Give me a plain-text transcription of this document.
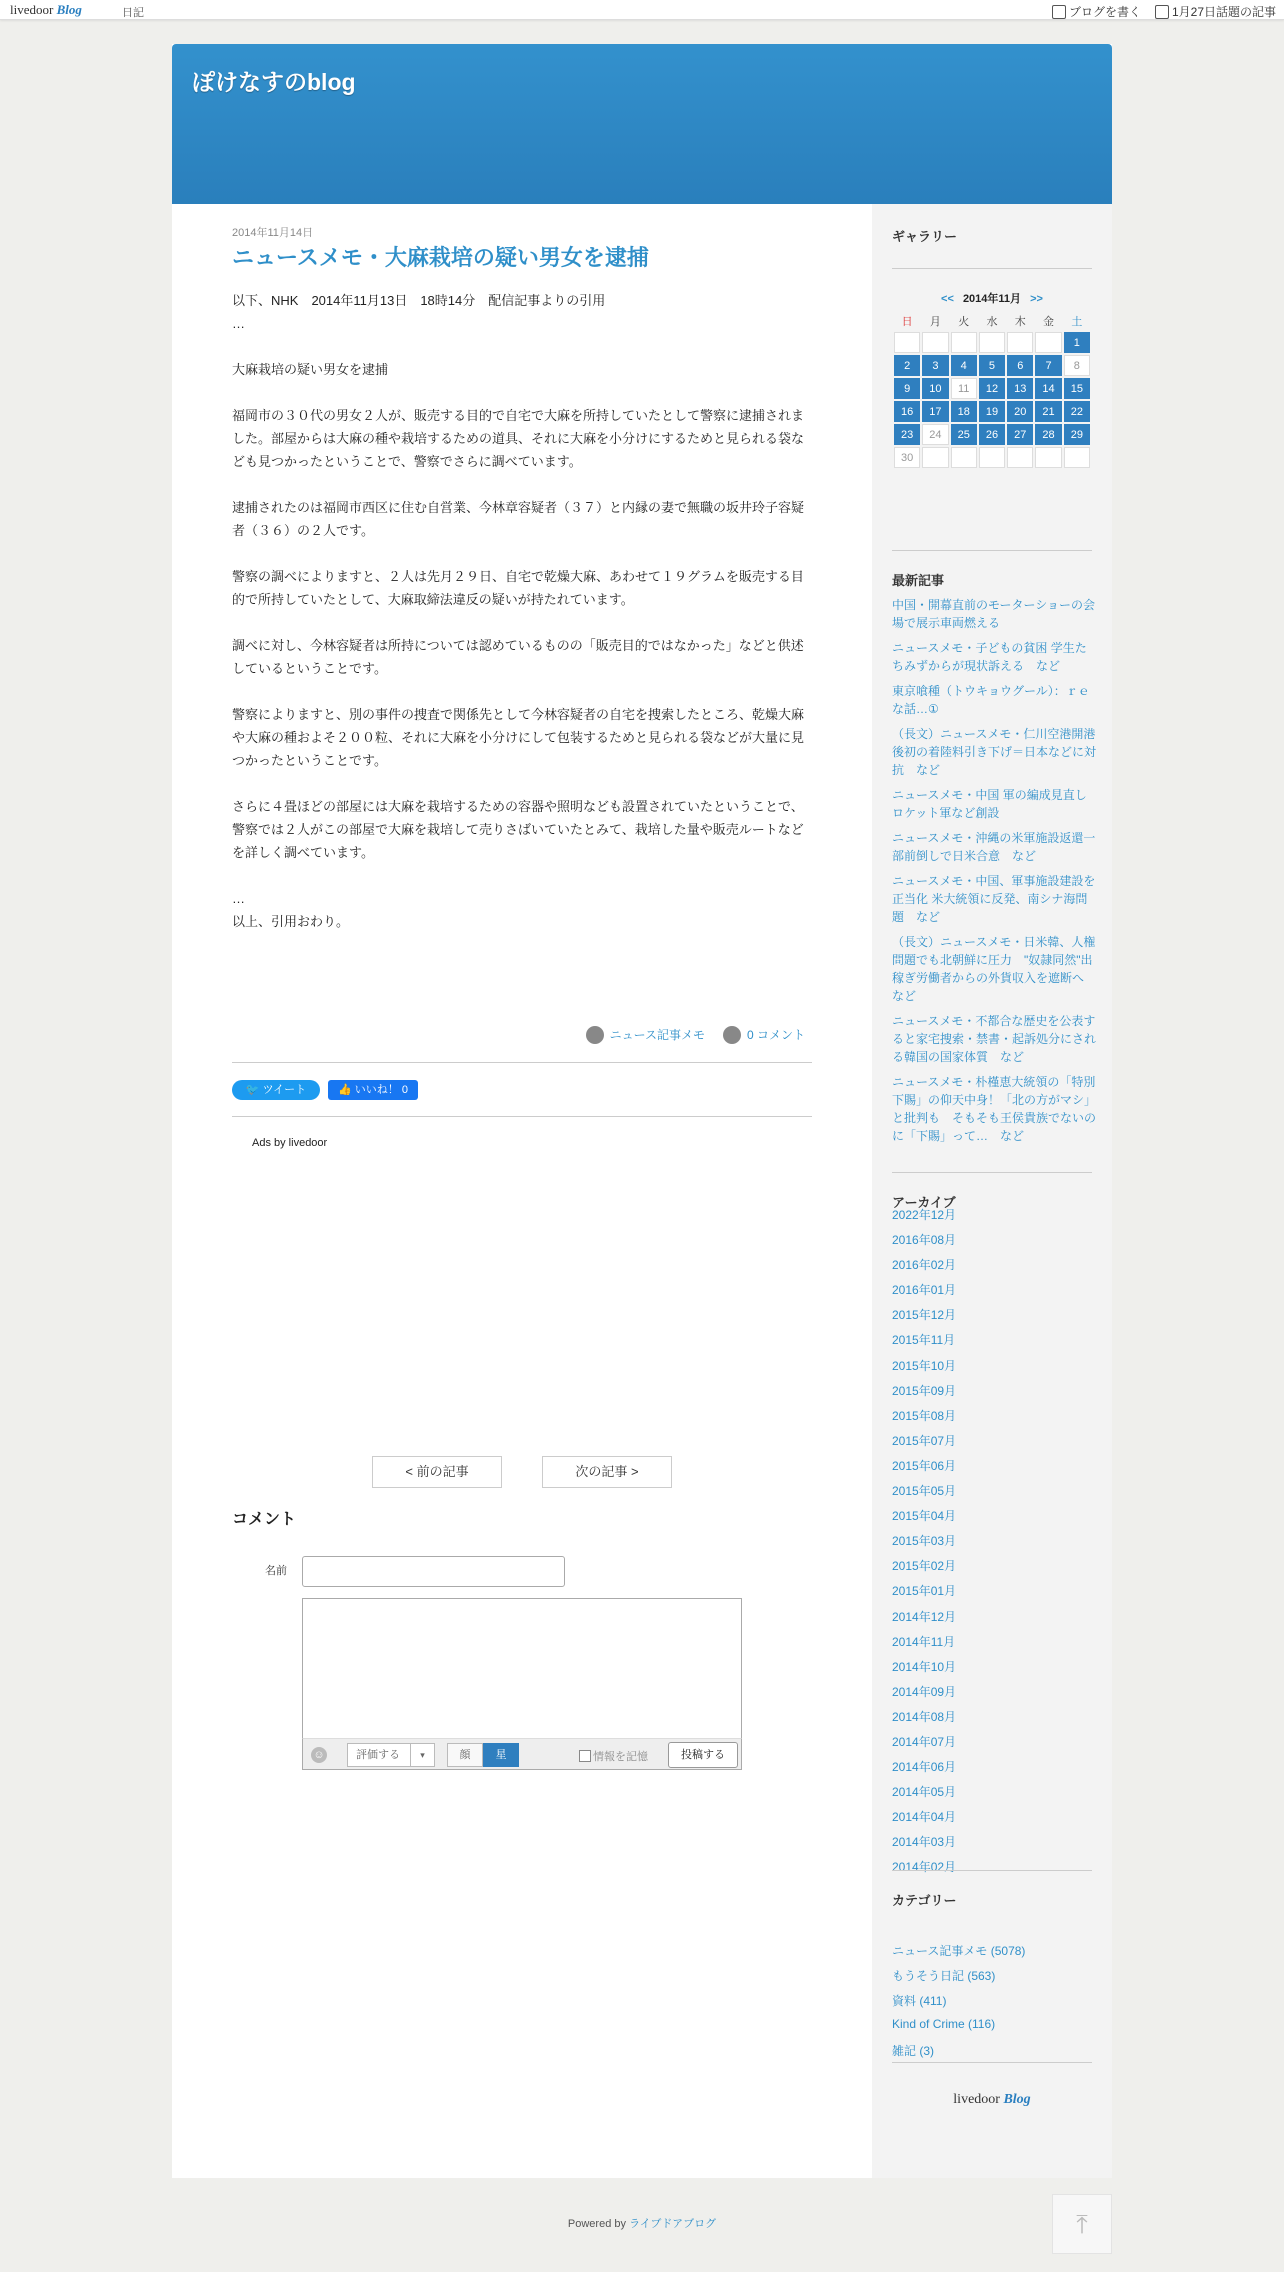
livedoor Blog	日記	ブログを書く	1月27日話題の記事
ぽけなすのblog
2014年11月14日
ニュースメモ・大麻栽培の疑い男女を逮捕

以下、NHK　2014年11月13日　18時14分　配信記事よりの引用
…

大麻栽培の疑い男女を逮捕

福岡市の３０代の男女２人が、販売する目的で自宅で大麻を所持していたとして警察に逮捕されました。部屋からは大麻の種や栽培するための道具、それに大麻を小分けにするためと見られる袋なども見つかったということで、警察でさらに調べています。

逮捕されたのは福岡市西区に住む自営業、今林章容疑者（３７）と内縁の妻で無職の坂井玲子容疑者（３６）の２人です。

警察の調べによりますと、２人は先月２９日、自宅で乾燥大麻、あわせて１９グラムを販売する目的で所持していたとして、大麻取締法違反の疑いが持たれています。

調べに対し、今林容疑者は所持については認めているものの「販売目的ではなかった」などと供述しているということです。

警察によりますと、別の事件の捜査で関係先として今林容疑者の自宅を捜索したところ、乾燥大麻や大麻の種およそ２００粒、それに大麻を小分けにして包装するためと見られる袋などが大量に見つかったということです。

さらに４畳ほどの部屋には大麻を栽培するための容器や照明なども設置されていたということで、警察では２人がこの部屋で大麻を栽培して売りさばいていたとみて、栽培した量や販売ルートなどを詳しく調べています。

…
以上、引用おわり。

ニュース記事メモ	0 コメント
🐦 ツイート	👍 いいね！ 0
Ads by livedoor
< 前の記事	次の記事 >
コメント
名前
☺	評価する	▾	顔	星	情報を記憶	投稿する
ギャラリー
<< 2014年11月 >>
日	月	火	水	木	金	土
						1
2	3	4	5	6	7	8
9	10	11	12	13	14	15
16	17	18	19	20	21	22
23	24	25	26	27	28	29
30						
最新記事
中国・開幕直前のモーターショーの会場で展示車両燃える
ニュースメモ・子どもの貧困 学生たちみずからが現状訴える　など
東京喰種（トウキョウグール）：ｒｅな話…①
（長文）ニュースメモ・仁川空港開港後初の着陸料引き下げ＝日本などに対抗　など
ニュースメモ・中国 軍の編成見直しロケット軍など創設
ニュースメモ・沖縄の米軍施設返還一部前倒しで日米合意　など
ニュースメモ・中国、軍事施設建設を正当化 米大統領に反発、南シナ海問題　など
（長文）ニュースメモ・日米韓、人権問題でも北朝鮮に圧力　"奴隷同然"出稼ぎ労働者からの外貨収入を遮断へ　など
ニュースメモ・不都合な歴史を公表すると家宅捜索・禁書・起訴処分にされる韓国の国家体質　など
ニュースメモ・朴槿恵大統領の「特別下賜」の仰天中身！「北の方がマシ」と批判も　そもそも王侯貴族でないのに「下賜」って…　など
アーカイブ
2022年12月
2016年08月
2016年02月
2016年01月
2015年12月
2015年11月
2015年10月
2015年09月
2015年08月
2015年07月
2015年06月
2015年05月
2015年04月
2015年03月
2015年02月
2015年01月
2014年12月
2014年11月
2014年10月
2014年09月
2014年08月
2014年07月
2014年06月
2014年05月
2014年04月
2014年03月
2014年02月
カテゴリー
ニュース記事メモ (5078)
もうそう日記 (563)
資料 (411)
Kind of Crime (116)
雑記 (3)
livedoor Blog
Powered by ライブドアブログ	⤒
